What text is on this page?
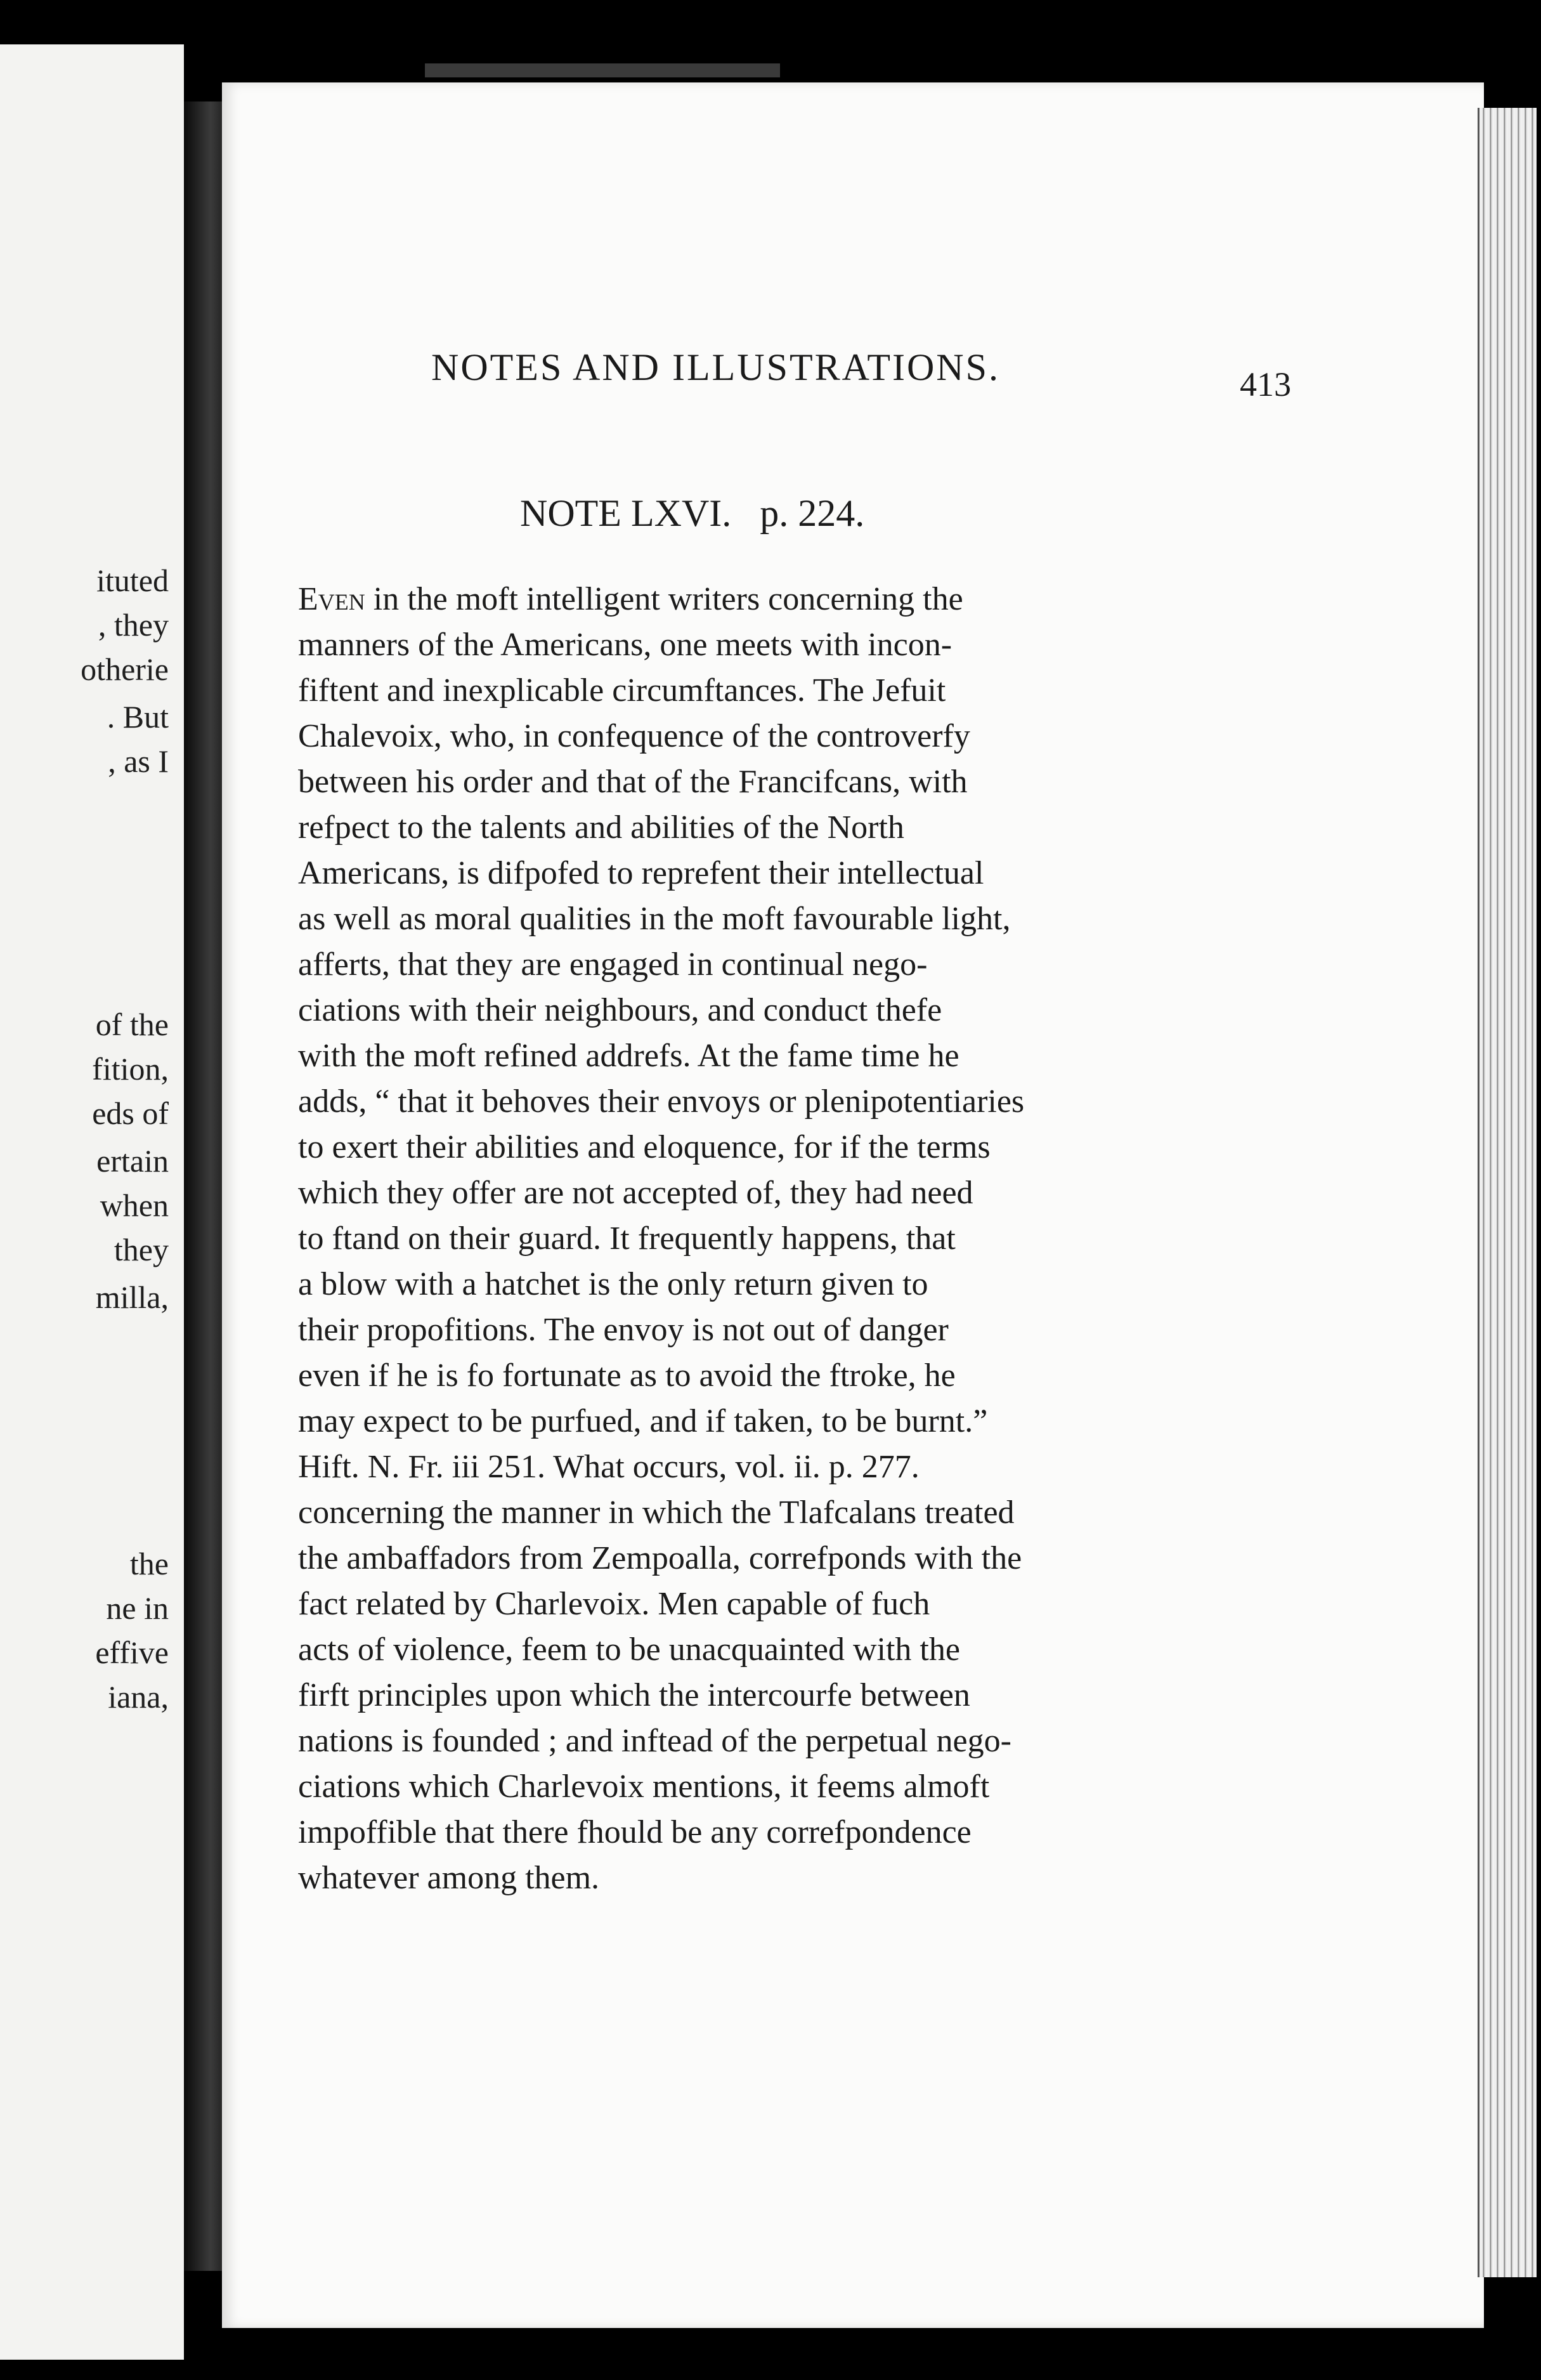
ituted
, they
otherie
. But
, as I
of the
fition,
eds of
ertain
when
they
milla,
the
ne in
effive
iana,
NOTES AND ILLUSTRATIONS.	413
NOTE LXVI. p. 224.
Even in the moft intelligent writers concerning the
manners of the Americans, one meets with incon-
fiftent and inexplicable circumftances. The Jefuit
Chalevoix, who, in confequence of the controverfy
between his order and that of the Francifcans, with
refpect to the talents and abilities of the North
Americans, is difpofed to reprefent their intellectual
as well as moral qualities in the moft favourable light,
afferts, that they are engaged in continual nego-
ciations with their neighbours, and conduct thefe
with the moft refined addrefs. At the fame time he
adds, “ that it behoves their envoys or plenipotentiaries
to exert their abilities and eloquence, for if the terms
which they offer are not accepted of, they had need
to ftand on their guard. It frequently happens, that
a blow with a hatchet is the only return given to
their propofitions. The envoy is not out of danger
even if he is fo fortunate as to avoid the ftroke, he
may expect to be purfued, and if taken, to be burnt.”
Hift. N. Fr. iii 251. What occurs, vol. ii. p. 277.
concerning the manner in which the Tlafcalans treated
the ambaffadors from Zempoalla, correfponds with the
fact related by Charlevoix. Men capable of fuch
acts of violence, feem to be unacquainted with the
firft principles upon which the intercourfe between
nations is founded ; and inftead of the perpetual nego-
ciations which Charlevoix mentions, it feems almoft
impoffible that there fhould be any correfpondence
whatever among them.
